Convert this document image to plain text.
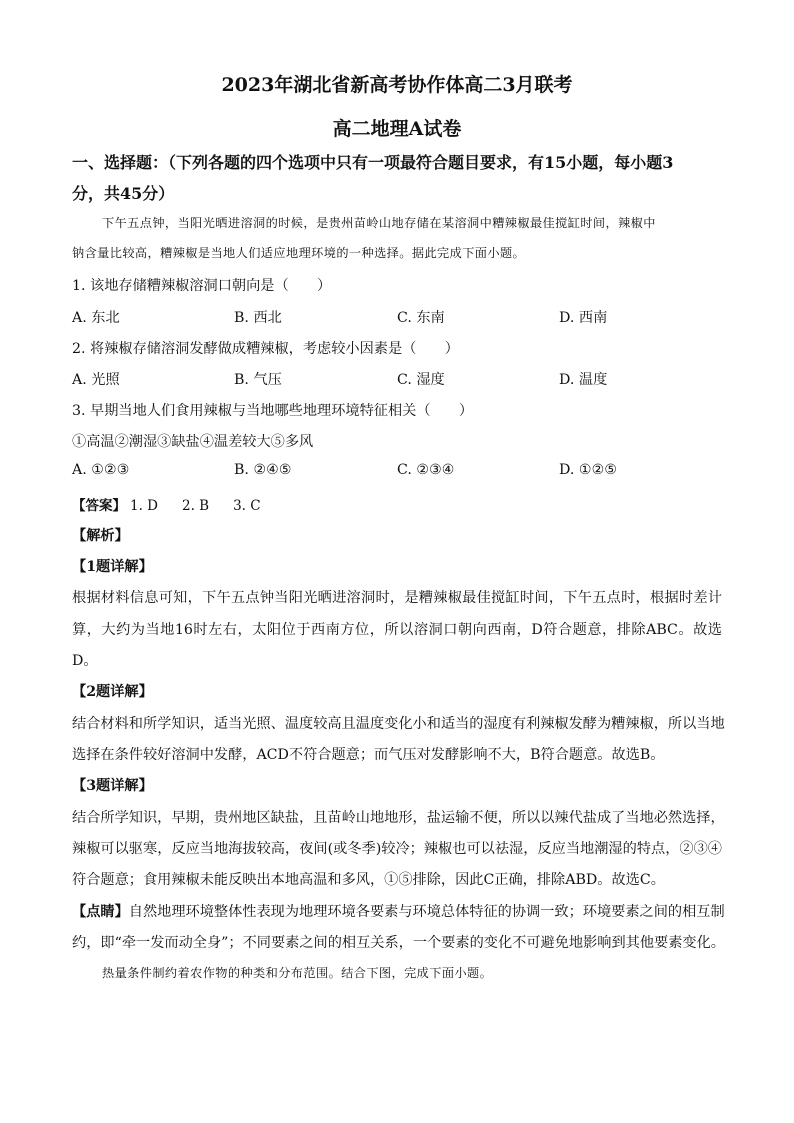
2023年湖北省新高考协作体高二3月联考
高二地理A试卷
一、选择题：（下列各题的四个选项中只有一项最符合题目要求，有15小题，每小题3
分，共45分）
下午五点钟，当阳光晒进溶洞的时候，是贵州苗岭山地存储在某溶洞中糟辣椒最佳搅缸时间，辣椒中
钠含量比较高，糟辣椒是当地人们适应地理环境的一种选择。据此完成下面小题。
1. 该地存储糟辣椒溶洞口朝向是（　　）
A. 东北	B. 西北	C. 东南	D. 西南
2. 将辣椒存储溶洞发酵做成糟辣椒，考虑较小因素是（　　）
A. 光照	B. 气压	C. 湿度	D. 温度
3. 早期当地人们食用辣椒与当地哪些地理环境特征相关（　　）
①高温②潮湿③缺盐④温差较大⑤多风
A. ①②③	B. ②④⑤	C. ②③④	D. ①②⑤
【答案】 1. D 2. B 3. C
【解析】
【1题详解】
根据材料信息可知，下午五点钟当阳光晒进溶洞时，是糟辣椒最佳搅缸时间，下午五点时，根据时差计
算，大约为当地16时左右，太阳位于西南方位，所以溶洞口朝向西南，D符合题意，排除ABC。故选
D。
【2题详解】
结合材料和所学知识，适当光照、温度较高且温度变化小和适当的湿度有利辣椒发酵为糟辣椒，所以当地
选择在条件较好溶洞中发酵，ACD不符合题意；而气压对发酵影响不大，B符合题意。故选B。
【3题详解】
结合所学知识，早期，贵州地区缺盐，且苗岭山地地形，盐运输不便，所以以辣代盐成了当地必然选择，
辣椒可以驱寒，反应当地海拔较高，夜间(或冬季)较冷；辣椒也可以祛湿，反应当地潮湿的特点，②③④
符合题意；食用辣椒未能反映出本地高温和多风，①⑤排除，因此C正确，排除ABD。故选C。
【点睛】自然地理环境整体性表现为地理环境各要素与环境总体特征的协调一致；环境要素之间的相互制
约，即“牵一发而动全身”；不同要素之间的相互关系，一个要素的变化不可避免地影响到其他要素变化。
热量条件制约着农作物的种类和分布范围。结合下图，完成下面小题。
